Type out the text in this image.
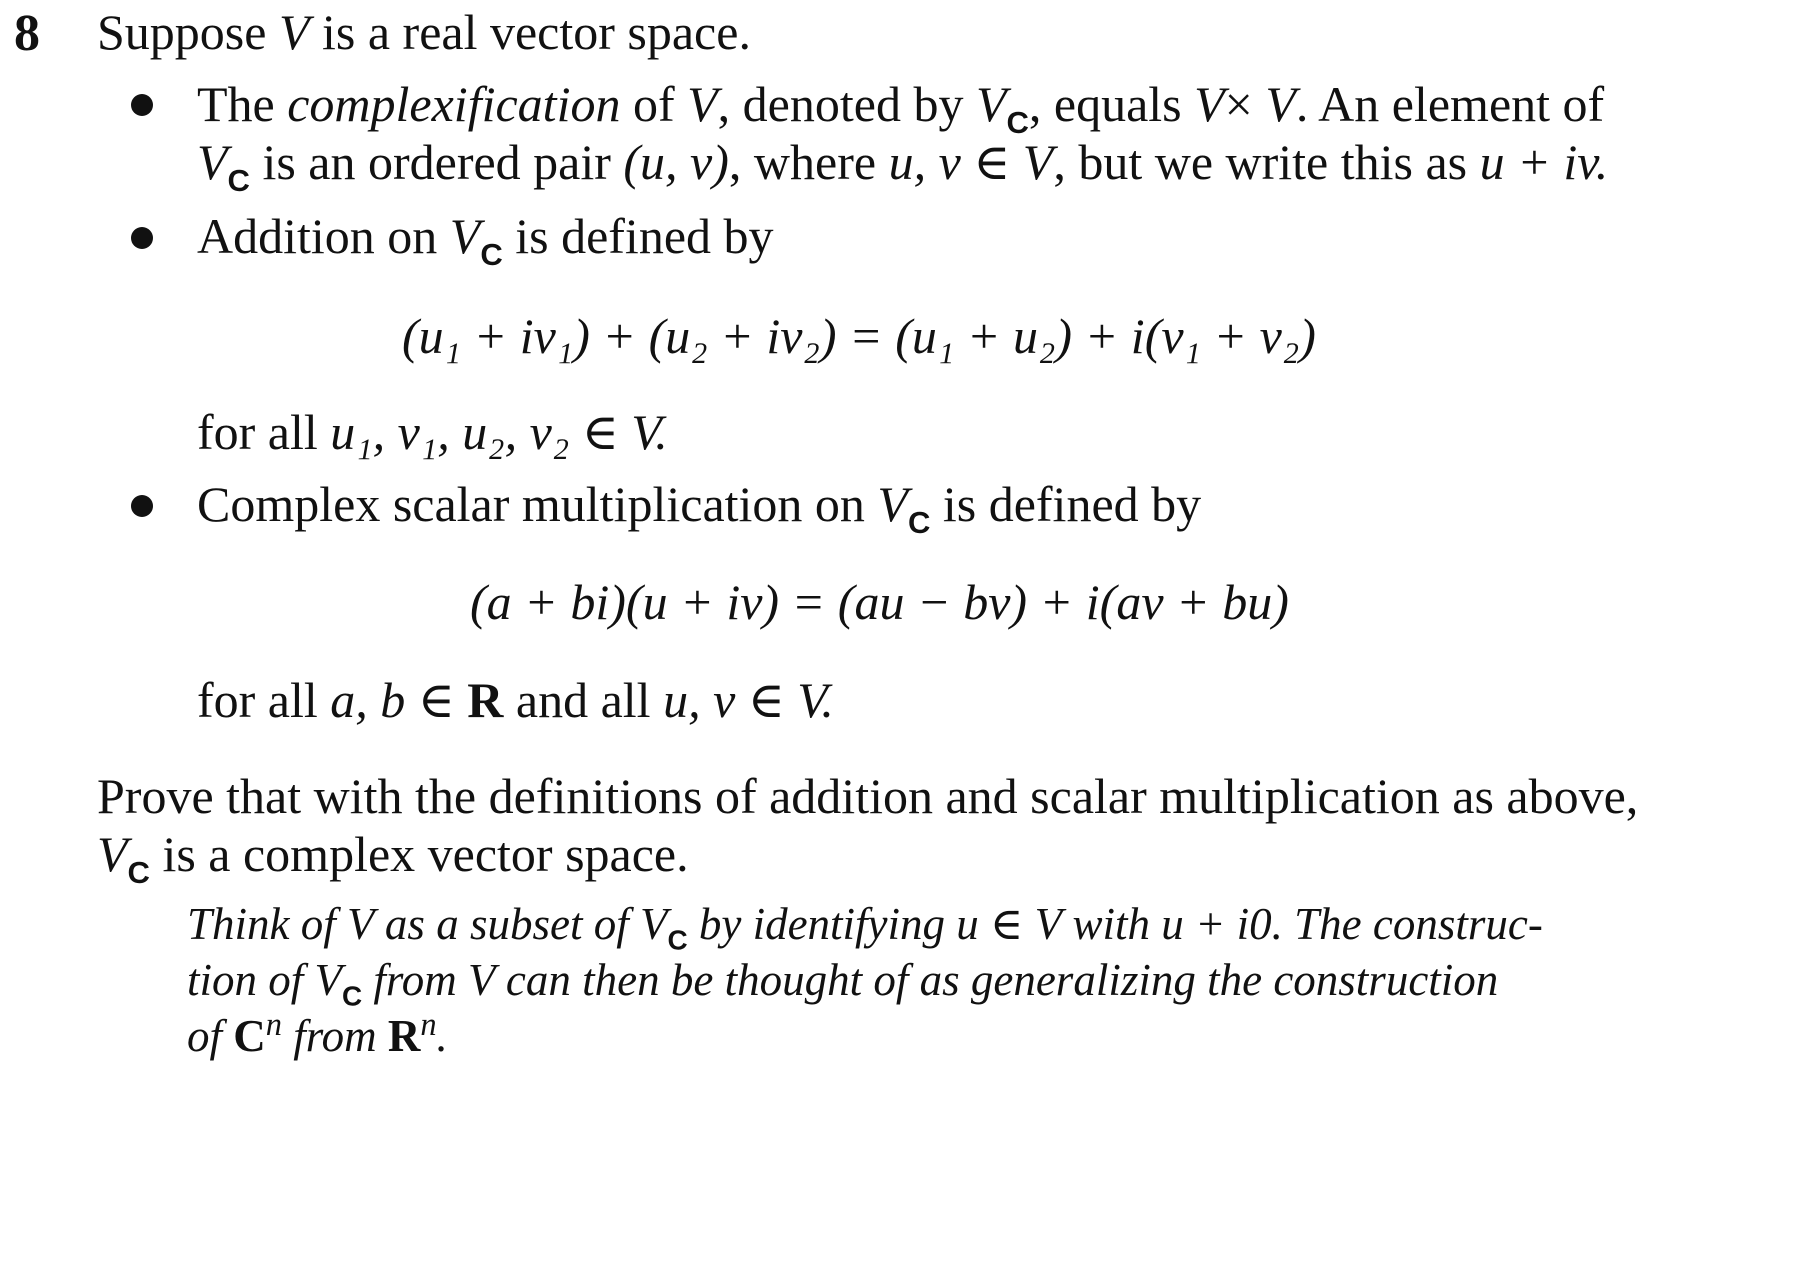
8 Suppose V is a real vector space.
The complexification of V, denoted by $V_C$, equals V× V. An element of
$V_C$ is an ordered pair (u, v), where u, v ∈ V, but we write this as u + iv.
Addition on $V_C$ is defined by
(u₁ + iv₁) + (u₂ + iv₂) = (u₁ + u₂) + i(v₁ + v₂)
for all u₁, v₁, u₂, v₂ ∈ V.
Complex scalar multiplication on $V_C$ is defined by
(a + bi)(u + iv) = (au − bv) + i(av + bu)
for all a, b ∈ R and all u, v ∈ V.
Prove that with the definitions of addition and scalar multiplication as above,
$V_C$ is a complex vector space.
Think of V as a subset of $V_C$ by identifying u ∈ V with u + i0. The construc-
tion of $V_C$ from V can then be thought of as generalizing the construction
of $C^n$ from $R^n$.
